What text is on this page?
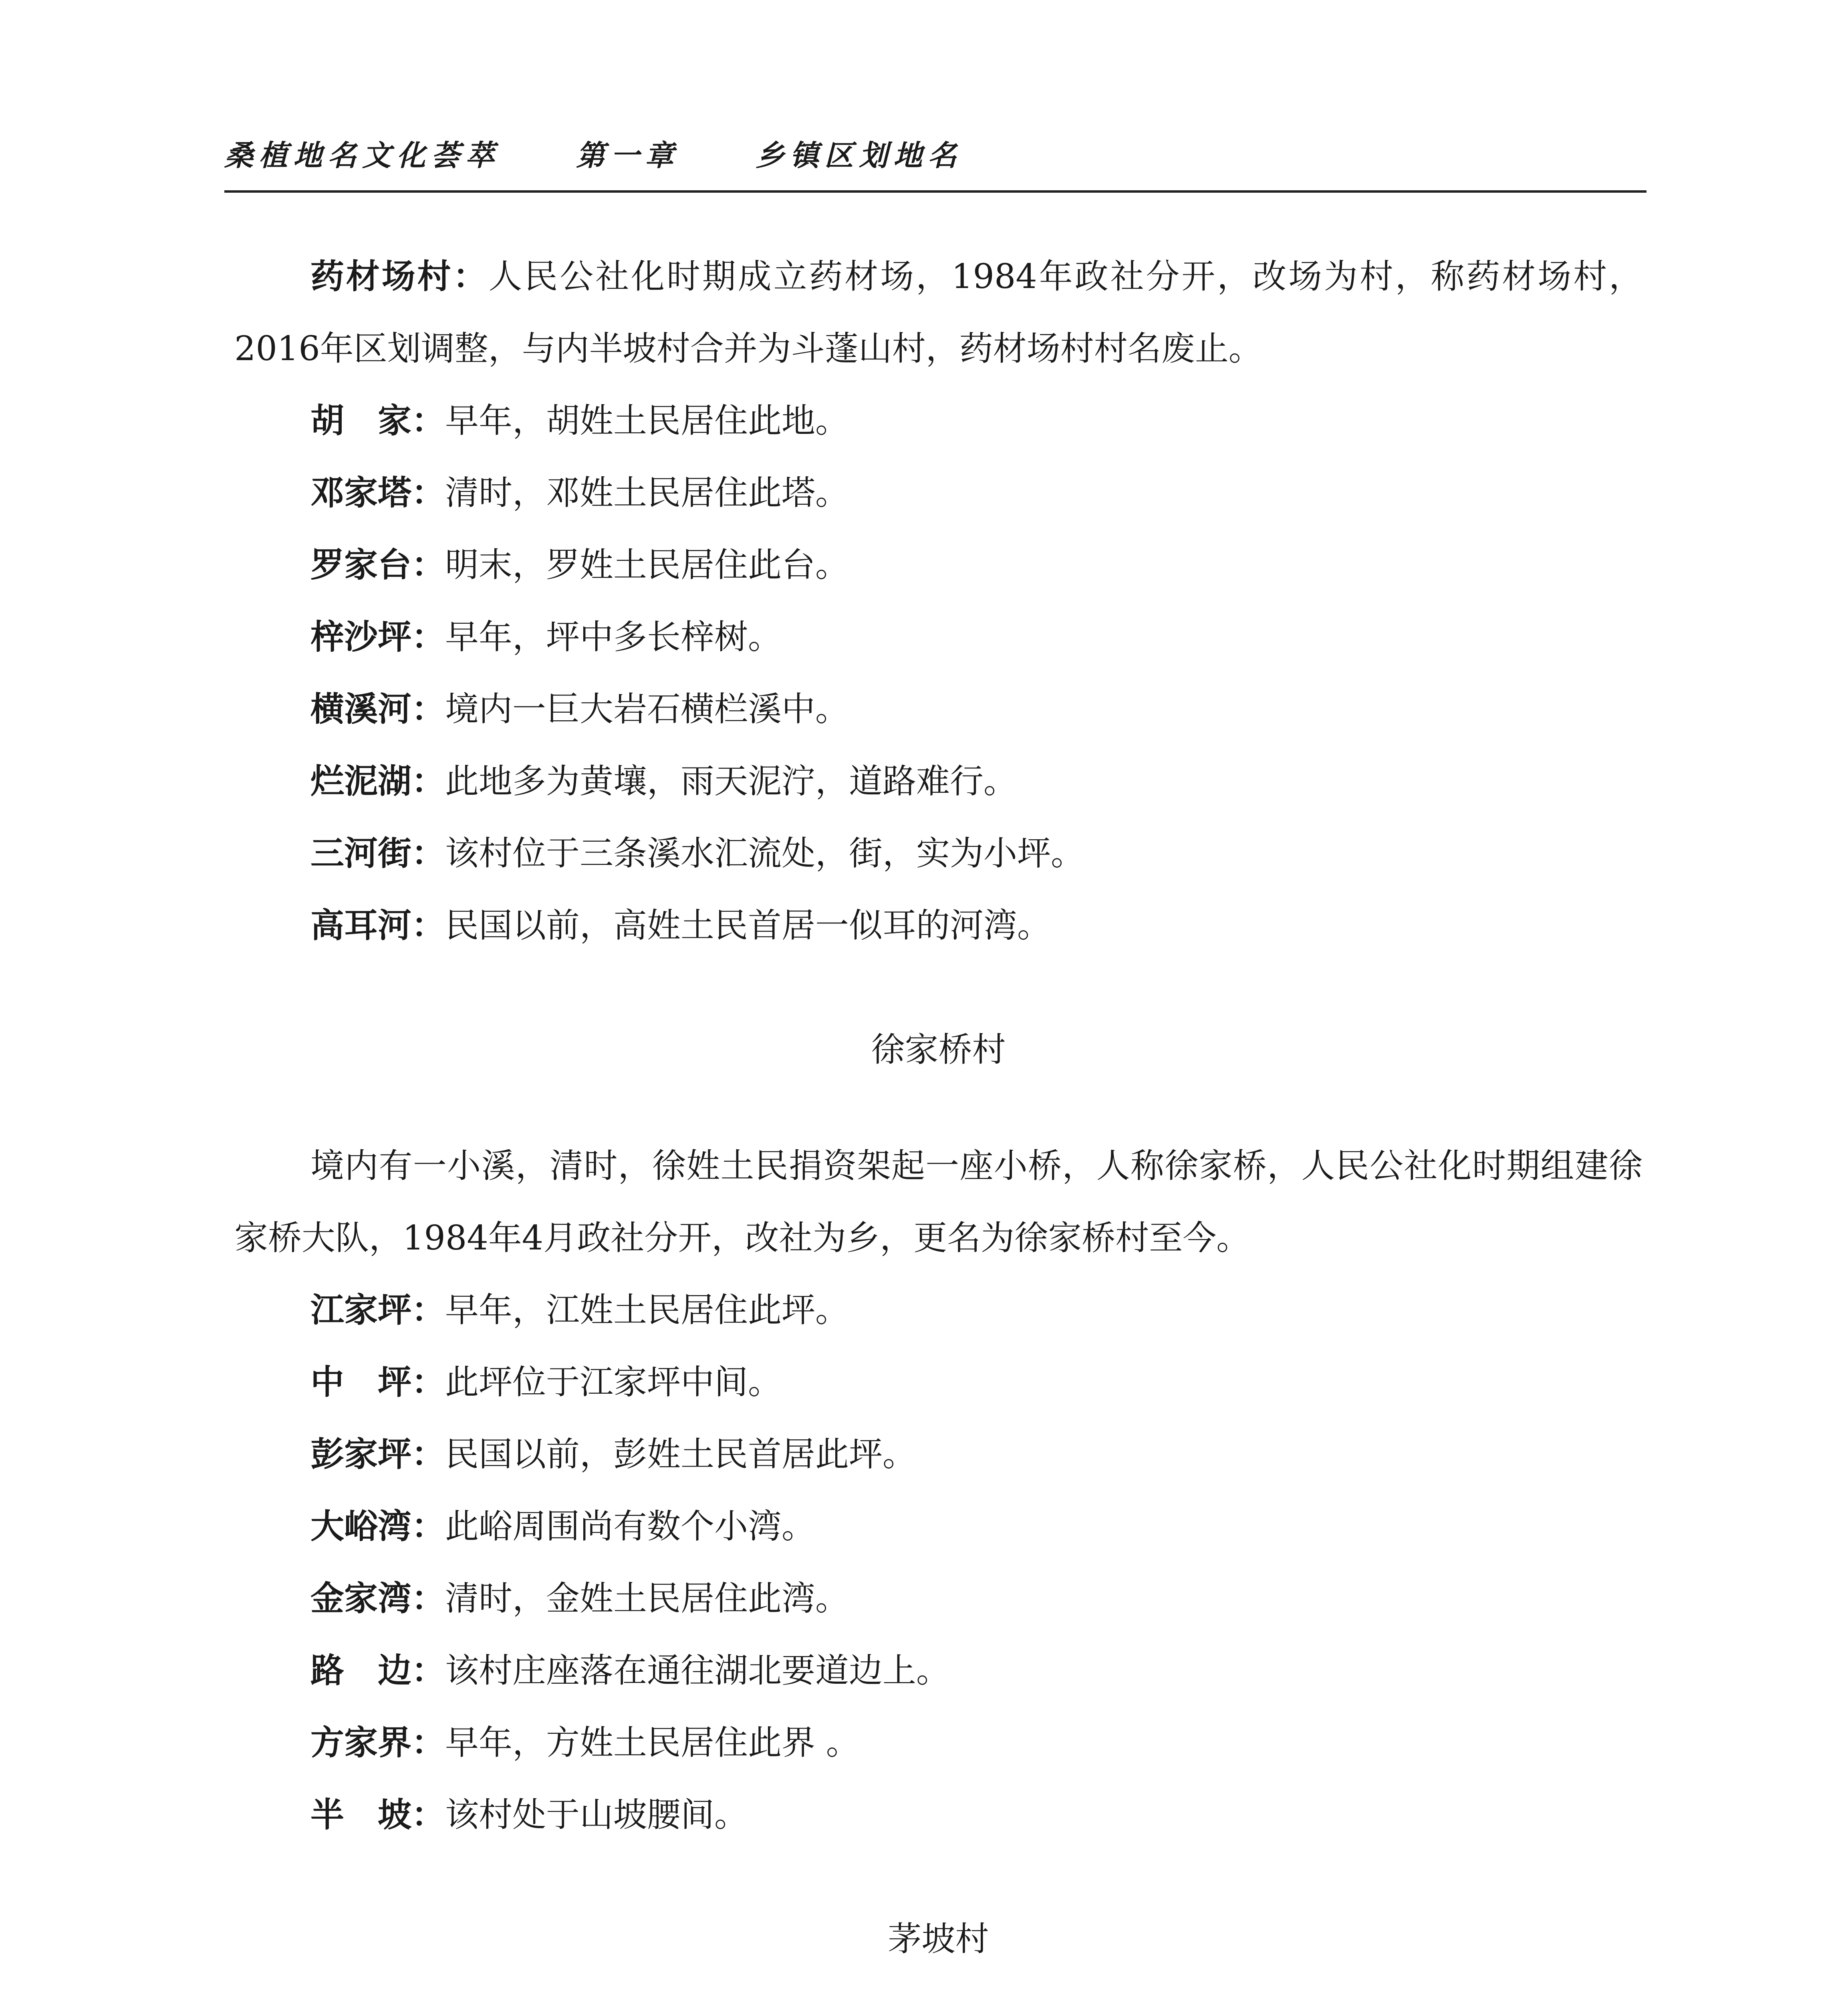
桑植地名文化荟萃	第一章	乡镇区划地名

药材场村：人民公社化时期成立药材场，1984年政社分开，改场为村，称药材场村，2016年区划调整，与内半坡村合并为斗蓬山村，药材场村村名废止。

胡　家：早年，胡姓土民居住此地。

邓家塔：清时，邓姓土民居住此塔。

罗家台：明末，罗姓土民居住此台。

梓沙坪：早年，坪中多长梓树。

横溪河：境内一巨大岩石横栏溪中。

烂泥湖：此地多为黄壤，雨天泥泞，道路难行。

三河街：该村位于三条溪水汇流处，街，实为小坪。

高耳河：民国以前，高姓土民首居一似耳的河湾。

徐家桥村

境内有一小溪，清时，徐姓土民捐资架起一座小桥，人称徐家桥，人民公社化时期组建徐家桥大队，1984年4月政社分开，改社为乡，更名为徐家桥村至今。

江家坪：早年，江姓土民居住此坪。

中　坪：此坪位于江家坪中间。

彭家坪：民国以前，彭姓土民首居此坪。

大峪湾：此峪周围尚有数个小湾。

金家湾：清时，金姓土民居住此湾。

路　边：该村庄座落在通往湖北要道边上。

方家界：早年，方姓土民居住此界 。

半　坡：该村处于山坡腰间。

茅坡村
